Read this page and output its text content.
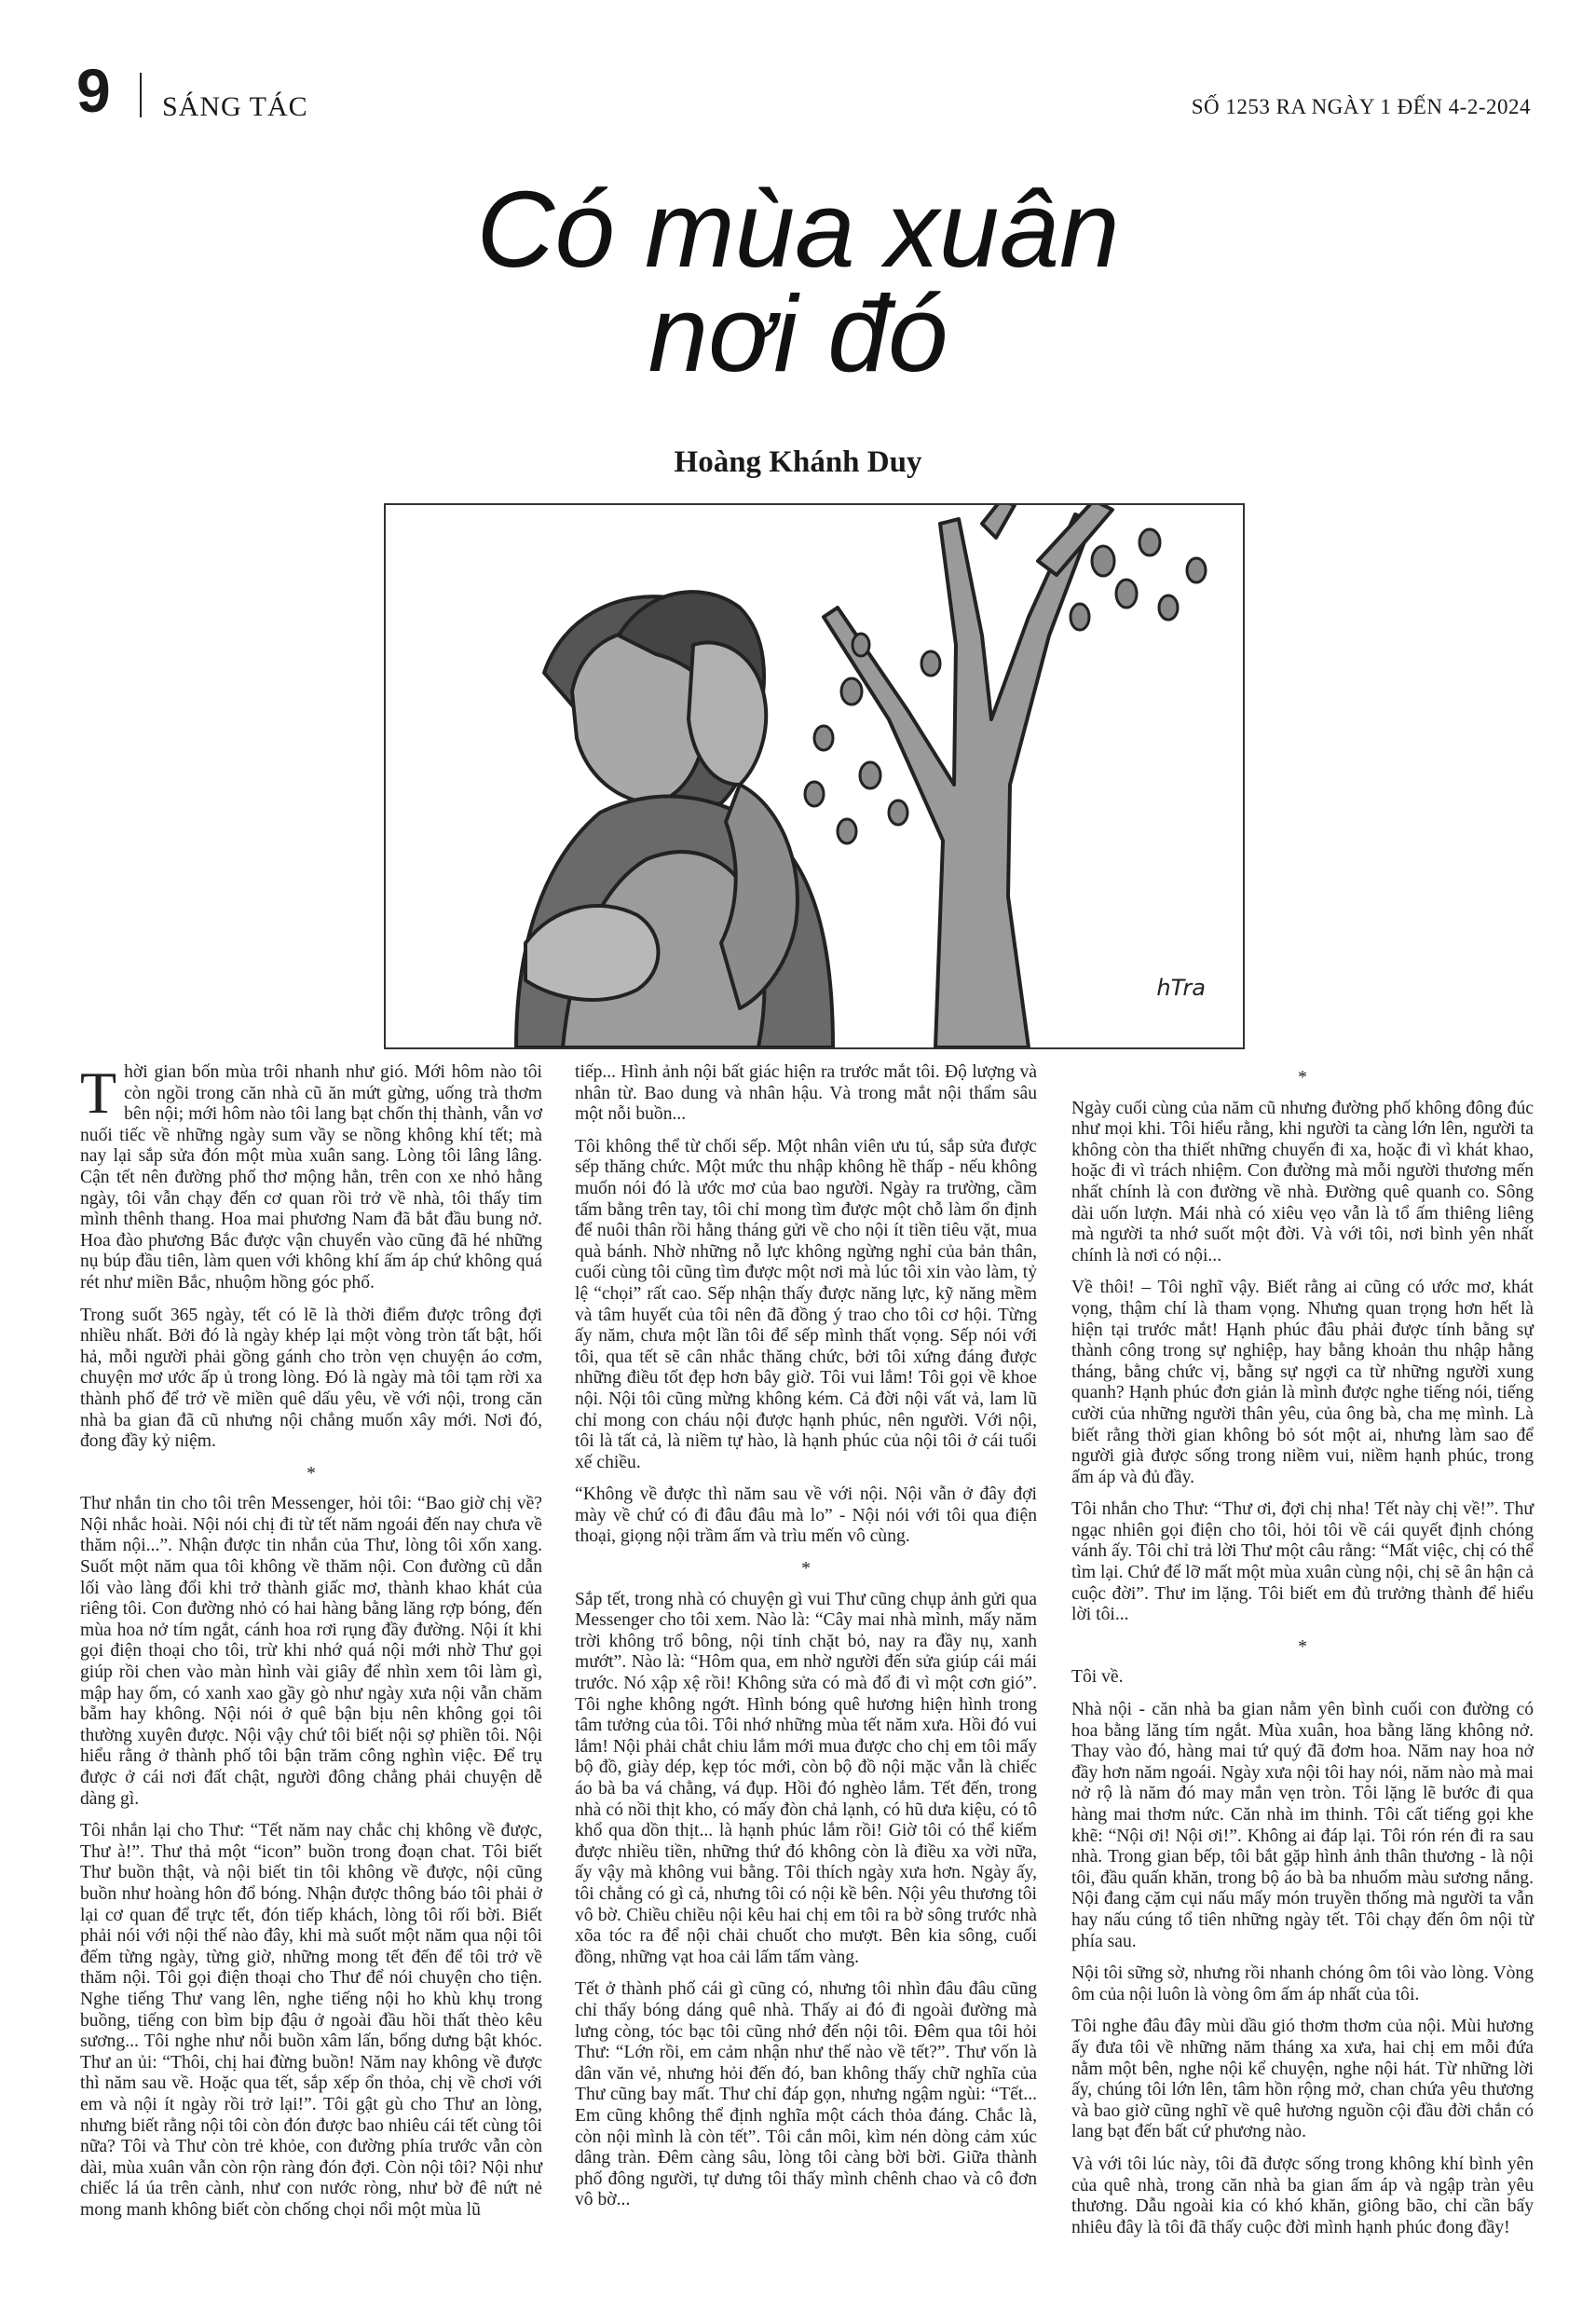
9 SÁNG TÁC	SỐ 1253 RA NGÀY 1 ĐẾN 4-2-2024
Có mùa xuân
nơi đó
Hoàng Khánh Duy
hTra

Thời gian bốn mùa trôi nhanh như gió. Mới hôm nào tôi còn ngồi trong căn nhà cũ ăn mứt gừng, uống trà thơm bên nội; mới hôm nào tôi lang bạt chốn thị thành, vẫn vơ nuối tiếc về những ngày sum vầy se nồng không khí tết; mà nay lại sắp sửa đón một mùa xuân sang. Lòng tôi lâng lâng. Cận tết nên đường phố thơ mộng hẳn, trên con xe nhỏ hằng ngày, tôi vẫn chạy đến cơ quan rồi trở về nhà, tôi thấy tim mình thênh thang. Hoa mai phương Nam đã bắt đầu bung nở. Hoa đào phương Bắc được vận chuyển vào cũng đã hé những nụ búp đầu tiên, làm quen với không khí ấm áp chứ không quá rét như miền Bắc, nhuộm hồng góc phố.

Trong suốt 365 ngày, tết có lẽ là thời điểm được trông đợi nhiều nhất. Bởi đó là ngày khép lại một vòng tròn tất bật, hối hả, mỗi người phải gồng gánh cho tròn vẹn chuyện áo cơm, chuyện mơ ước ấp ủ trong lòng. Đó là ngày mà tôi tạm rời xa thành phố để trở về miền quê dấu yêu, về với nội, trong căn nhà ba gian đã cũ nhưng nội chẳng muốn xây mới. Nơi đó, đong đầy kỷ niệm.

*

Thư nhắn tin cho tôi trên Messenger, hỏi tôi: “Bao giờ chị về? Nội nhắc hoài. Nội nói chị đi từ tết năm ngoái đến nay chưa về thăm nội...”. Nhận được tin nhắn của Thư, lòng tôi xốn xang. Suốt một năm qua tôi không về thăm nội. Con đường cũ dẫn lối vào làng đổi khi trở thành giấc mơ, thành khao khát của riêng tôi. Con đường nhỏ có hai hàng bằng lăng rợp bóng, đến mùa hoa nở tím ngắt, cánh hoa rơi rụng đầy đường. Nội ít khi gọi điện thoại cho tôi, trừ khi nhớ quá nội mới nhờ Thư gọi giúp rồi chen vào màn hình vài giây để nhìn xem tôi làm gì, mập hay ốm, có xanh xao gầy gò như ngày xưa nội vẫn chăm bẵm hay không. Nội nói ở quê bận bịu nên không gọi tôi thường xuyên được. Nội vậy chứ tôi biết nội sợ phiền tôi. Nội hiểu rằng ở thành phố tôi bận trăm công nghìn việc. Để trụ được ở cái nơi đất chật, người đông chẳng phải chuyện dễ dàng gì.

Tôi nhắn lại cho Thư: “Tết năm nay chắc chị không về được, Thư à!”. Thư thả một “icon” buồn trong đoạn chat. Tôi biết Thư buồn thật, và nội biết tin tôi không về được, nội cũng buồn như hoàng hôn đổ bóng. Nhận được thông báo tôi phải ở lại cơ quan để trực tết, đón tiếp khách, lòng tôi rối bời. Biết phải nói với nội thế nào đây, khi mà suốt một năm qua nội tôi đếm từng ngày, từng giờ, những mong tết đến để tôi trở về thăm nội. Tôi gọi điện thoại cho Thư để nói chuyện cho tiện. Nghe tiếng Thư vang lên, nghe tiếng nội ho khù khụ trong buồng, tiếng con bìm bịp đậu ở ngoài đầu hồi thất thèo kêu sương... Tôi nghe như nỗi buồn xâm lấn, bổng dưng bật khóc. Thư an ủi: “Thôi, chị hai đừng buồn! Năm nay không về được thì năm sau về. Hoặc qua tết, sắp xếp ổn thỏa, chị về chơi với em và nội ít ngày rồi trở lại!”. Tôi gật gù cho Thư an lòng, nhưng biết rằng nội tôi còn đón được bao nhiêu cái tết cùng tôi nữa? Tôi và Thư còn trẻ khỏe, con đường phía trước vẫn còn dài, mùa xuân vẫn còn rộn ràng đón đợi. Còn nội tôi? Nội như chiếc lá úa trên cành, như con nước ròng, như bờ đê nứt nẻ mong manh không biết còn chống chọi nổi một mùa lũ

tiếp... Hình ảnh nội bất giác hiện ra trước mắt tôi. Độ lượng và nhân từ. Bao dung và nhân hậu. Và trong mắt nội thẩm sâu một nỗi buồn...

Tôi không thể từ chối sếp. Một nhân viên ưu tú, sắp sửa được sếp thăng chức. Một mức thu nhập không hề thấp - nếu không muốn nói đó là ước mơ của bao người. Ngày ra trường, cầm tấm bằng trên tay, tôi chỉ mong tìm được một chỗ làm ổn định để nuôi thân rồi hằng tháng gửi về cho nội ít tiền tiêu vặt, mua quà bánh. Nhờ những nỗ lực không ngừng nghỉ của bản thân, cuối cùng tôi cũng tìm được một nơi mà lúc tôi xin vào làm, tỷ lệ “chọi” rất cao. Sếp nhận thấy được năng lực, kỹ năng mềm và tâm huyết của tôi nên đã đồng ý trao cho tôi cơ hội. Từng ấy năm, chưa một lần tôi để sếp mình thất vọng. Sếp nói với tôi, qua tết sẽ cân nhắc thăng chức, bởi tôi xứng đáng được những điều tốt đẹp hơn bây giờ. Tôi vui lắm! Tôi gọi về khoe nội. Nội tôi cũng mừng không kém. Cả đời nội vất vả, lam lũ chỉ mong con cháu nội được hạnh phúc, nên người. Với nội, tôi là tất cả, là niềm tự hào, là hạnh phúc của nội tôi ở cái tuổi xế chiều.

“Không về được thì năm sau về với nội. Nội vẫn ở đây đợi mày về chứ có đi đâu đâu mà lo” - Nội nói với tôi qua điện thoại, giọng nội trầm ấm và trìu mến vô cùng.

*

Sắp tết, trong nhà có chuyện gì vui Thư cũng chụp ảnh gửi qua Messenger cho tôi xem. Nào là: “Cây mai nhà mình, mấy năm trời không trổ bông, nội tỉnh chặt bỏ, nay ra đầy nụ, xanh mướt”. Nào là: “Hôm qua, em nhờ người đến sửa giúp cái mái trước. Nó xập xệ rồi! Không sửa có mà đổ đi vì một cơn gió”. Tôi nghe không ngớt. Hình bóng quê hương hiện hình trong tâm tưởng của tôi. Tôi nhớ những mùa tết năm xưa. Hồi đó vui lắm! Nội phải chắt chiu lắm mới mua được cho chị em tôi mấy bộ đồ, giày dép, kẹp tóc mới, còn bộ đồ nội mặc vẫn là chiếc áo bà ba vá chằng, vá đụp. Hồi đó nghèo lắm. Tết đến, trong nhà có nồi thịt kho, có mấy đòn chả lạnh, có hũ dưa kiệu, có tô khổ qua dồn thịt... là hạnh phúc lắm rồi! Giờ tôi có thể kiếm được nhiều tiền, những thứ đó không còn là điều xa vời nữa, ấy vậy mà không vui bằng. Tôi thích ngày xưa hơn. Ngày ấy, tôi chẳng có gì cả, nhưng tôi có nội kề bên. Nội yêu thương tôi vô bờ. Chiều chiều nội kêu hai chị em tôi ra bờ sông trước nhà xõa tóc ra để nội chải chuốt cho mượt. Bên kia sông, cuối đồng, những vạt hoa cải lấm tấm vàng.

Tết ở thành phố cái gì cũng có, nhưng tôi nhìn đâu đâu cũng chỉ thấy bóng dáng quê nhà. Thấy ai đó đi ngoài đường mà lưng còng, tóc bạc tôi cũng nhớ đến nội tôi. Đêm qua tôi hỏi Thư: “Lớn rồi, em cảm nhận như thế nào về tết?”. Thư vốn là dân văn vẻ, nhưng hỏi đến đó, ban không thấy chữ nghĩa của Thư cũng bay mất. Thư chỉ đáp gọn, nhưng ngậm ngùi: “Tết... Em cũng không thể định nghĩa một cách thỏa đáng. Chắc là, còn nội mình là còn tết”. Tôi cắn môi, kìm nén dòng cảm xúc dâng tràn. Đêm càng sâu, lòng tôi càng bời bời. Giữa thành phố đông người, tự dưng tôi thấy mình chênh chao và cô đơn vô bờ...

*

Ngày cuối cùng của năm cũ nhưng đường phố không đông đúc như mọi khi. Tôi hiểu rằng, khi người ta càng lớn lên, người ta không còn tha thiết những chuyến đi xa, hoặc đi vì khát khao, hoặc đi vì trách nhiệm. Con đường mà mỗi người thương mến nhất chính là con đường về nhà. Đường quê quanh co. Sông dài uốn lượn. Mái nhà có xiêu vẹo vẫn là tổ ấm thiêng liêng mà người ta nhớ suốt một đời. Và với tôi, nơi bình yên nhất chính là nơi có nội...

Về thôi! – Tôi nghĩ vậy. Biết rằng ai cũng có ước mơ, khát vọng, thậm chí là tham vọng. Nhưng quan trọng hơn hết là hiện tại trước mắt! Hạnh phúc đâu phải được tính bằng sự thành công trong sự nghiệp, hay bằng khoản thu nhập hằng tháng, bằng chức vị, bằng sự ngợi ca từ những người xung quanh? Hạnh phúc đơn giản là mình được nghe tiếng nói, tiếng cười của những người thân yêu, của ông bà, cha mẹ mình. Là biết rằng thời gian không bỏ sót một ai, nhưng làm sao để người già được sống trong niềm vui, niềm hạnh phúc, trong ấm áp và đủ đầy.

Tôi nhắn cho Thư: “Thư ơi, đợi chị nha! Tết này chị về!”. Thư ngạc nhiên gọi điện cho tôi, hỏi tôi về cái quyết định chóng vánh ấy. Tôi chỉ trả lời Thư một câu rằng: “Mất việc, chị có thể tìm lại. Chứ để lỡ mất một mùa xuân cùng nội, chị sẽ ân hận cả cuộc đời”. Thư im lặng. Tôi biết em đủ trưởng thành để hiểu lời tôi...

*

Tôi về.

Nhà nội - căn nhà ba gian nằm yên bình cuối con đường có hoa bằng lăng tím ngắt. Mùa xuân, hoa bằng lăng không nở. Thay vào đó, hàng mai tứ quý đã đơm hoa. Năm nay hoa nở đầy hơn năm ngoái. Ngày xưa nội tôi hay nói, năm nào mà mai nở rộ là năm đó may mắn vẹn tròn. Tôi lặng lẽ bước đi qua hàng mai thơm nức. Căn nhà im thinh. Tôi cất tiếng gọi khe khẽ: “Nội ơi! Nội ơi!”. Không ai đáp lại. Tôi rón rén đi ra sau nhà. Trong gian bếp, tôi bắt gặp hình ảnh thân thương - là nội tôi, đầu quấn khăn, trong bộ áo bà ba nhuốm màu sương nắng. Nội đang cặm cụi nấu mấy món truyền thống mà người ta vẫn hay nấu cúng tổ tiên những ngày tết. Tôi chạy đến ôm nội từ phía sau.

Nội tôi sững sờ, nhưng rồi nhanh chóng ôm tôi vào lòng. Vòng ôm của nội luôn là vòng ôm ấm áp nhất của tôi.

Tôi nghe đâu đây mùi dầu gió thơm thơm của nội. Mùi hương ấy đưa tôi về những năm tháng xa xưa, hai chị em mỗi đứa nằm một bên, nghe nội kể chuyện, nghe nội hát. Từ những lời ấy, chúng tôi lớn lên, tâm hồn rộng mở, chan chứa yêu thương và bao giờ cũng nghĩ về quê hương nguồn cội đầu đời chắn có lang bạt đến bất cứ phương nào.

Và với tôi lúc này, tôi đã được sống trong không khí bình yên của quê nhà, trong căn nhà ba gian ấm áp và ngập tràn yêu thương. Dẫu ngoài kia có khó khăn, giông bão, chỉ cần bấy nhiêu đây là tôi đã thấy cuộc đời mình hạnh phúc đong đầy!
